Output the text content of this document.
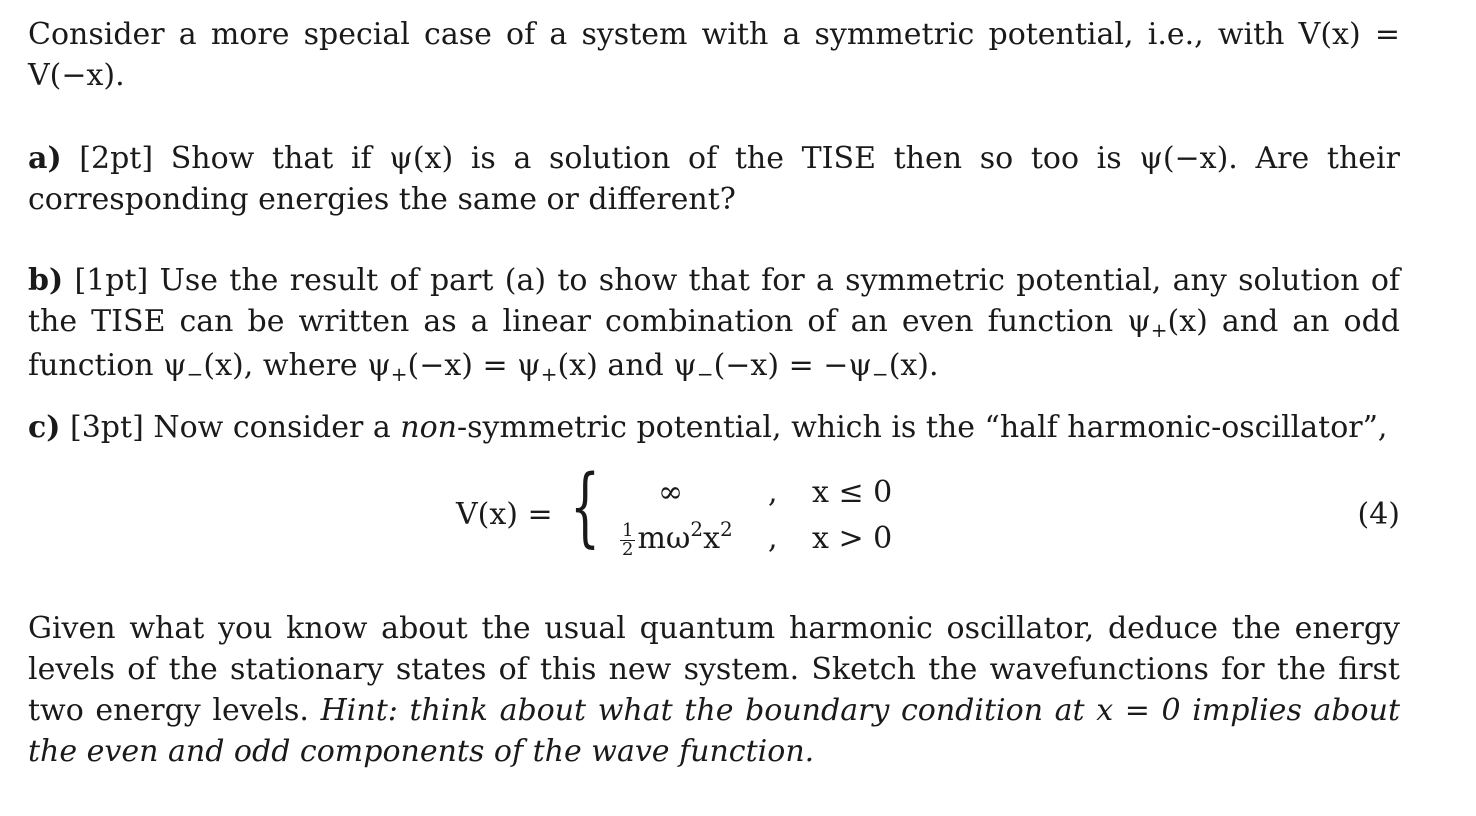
Consider a more special case of a system with a symmetric potential, i.e., with V(x) = V(−x).

a) [2pt] Show that if ψ(x) is a solution of the TISE then so too is ψ(−x). Are their corresponding energies the same or different?

b) [1pt] Use the result of part (a) to show that for a symmetric potential, any solution of the TISE can be written as a linear combination of an even function $\psi_+(x)$ and an odd function $\psi_-(x)$, where $\psi_+(-x) = \psi_+(x)$ and $\psi_-(-x) = -\psi_-(x)$.

c) [3pt] Now consider a non-symmetric potential, which is the “half harmonic-oscillator”,

V(x) = { ∞	, x ≤ 0
$\frac{1}{2} m\omega^2x^2$ , x > 0
(4)

Given what you know about the usual quantum harmonic oscillator, deduce the energy levels of the stationary states of this new system. Sketch the wavefunctions for the first two energy levels. Hint: think about what the boundary condition at x = 0 implies about the even and odd components of the wave function.
